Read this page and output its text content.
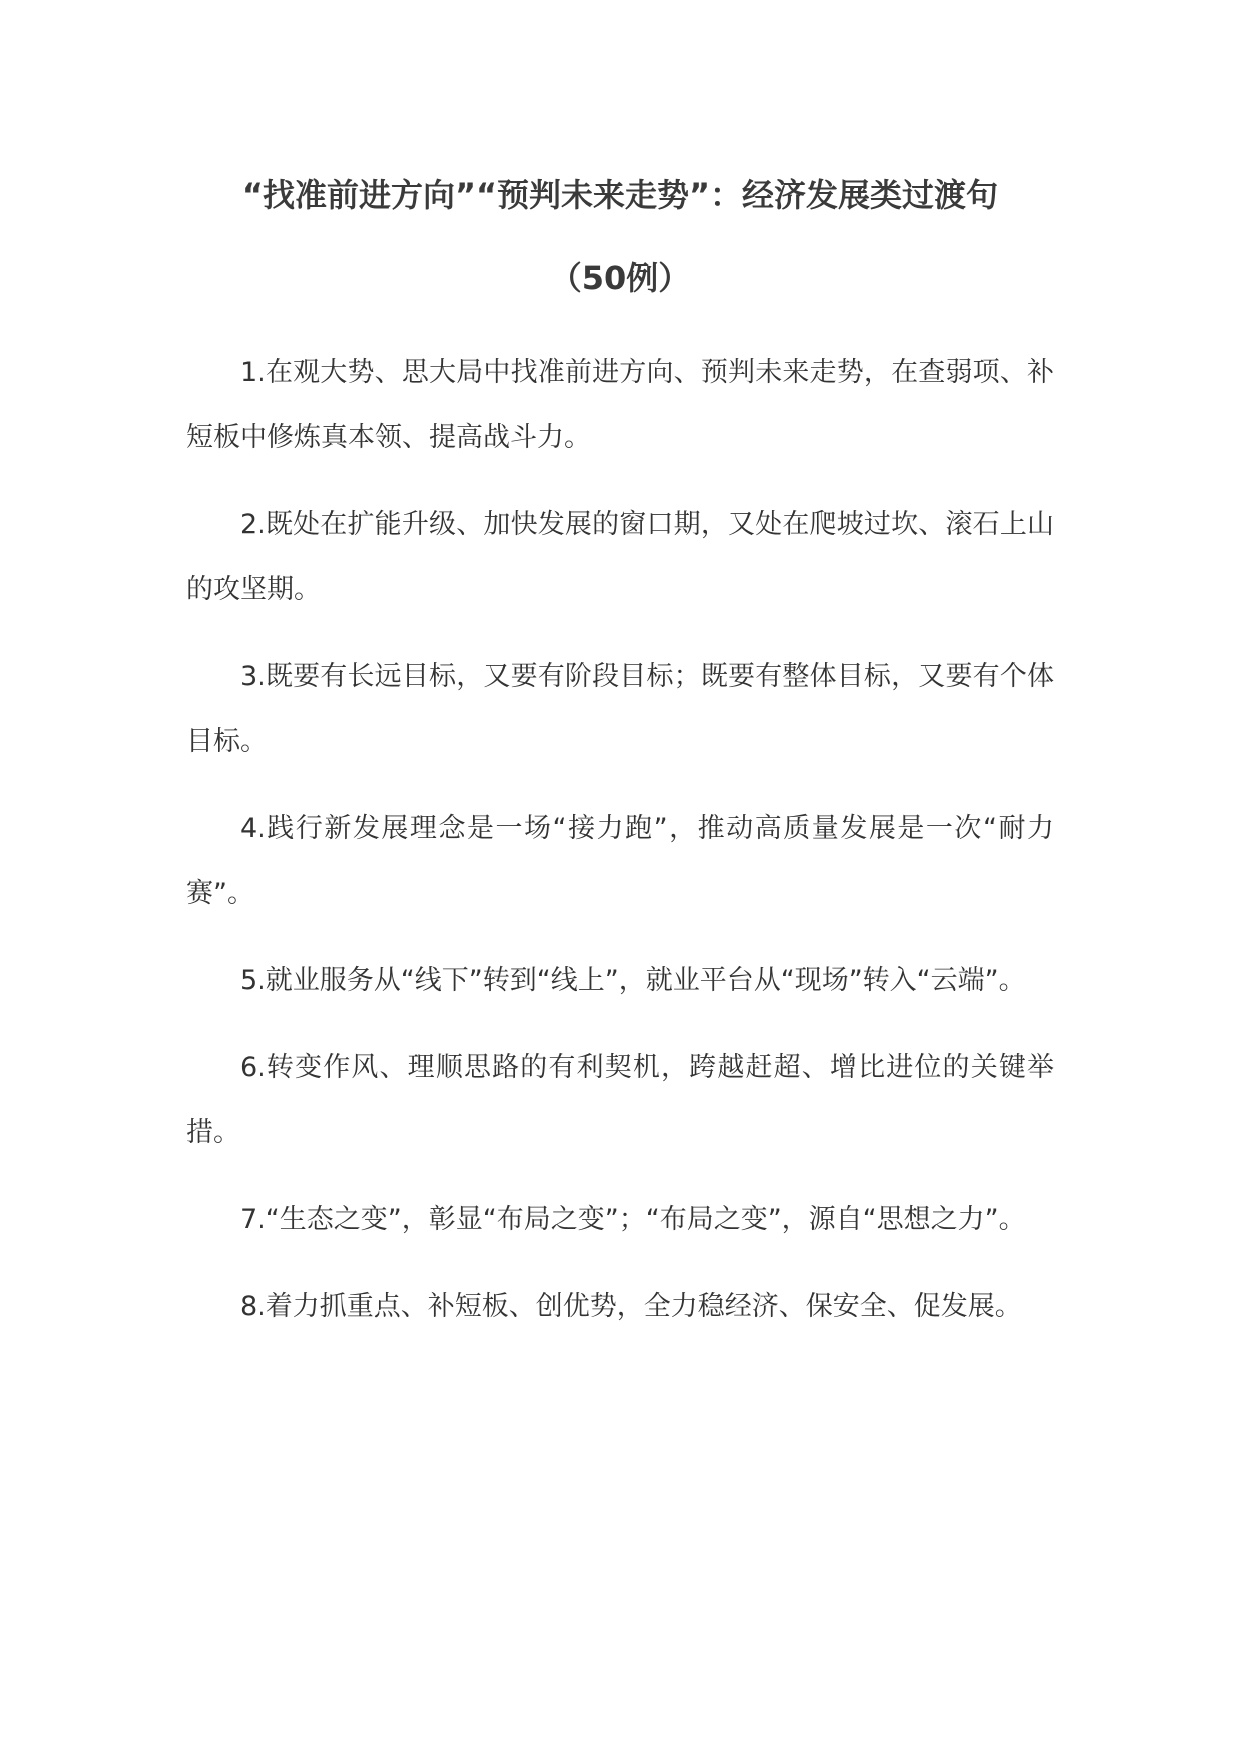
“找准前进方向”“预判未来走势”：经济发展类过渡句
（50例）

1.在观大势、思大局中找准前进方向、预判未来走势，在查弱项、补短板中修炼真本领、提高战斗力。

2.既处在扩能升级、加快发展的窗口期，又处在爬坡过坎、滚石上山的攻坚期。

3.既要有长远目标，又要有阶段目标；既要有整体目标，又要有个体目标。

4.践行新发展理念是一场“接力跑”，推动高质量发展是一次“耐力赛”。

5.就业服务从“线下”转到“线上”，就业平台从“现场”转入“云端”。

6.转变作风、理顺思路的有利契机，跨越赶超、增比进位的关键举措。

7.“生态之变”，彰显“布局之变”；“布局之变”，源自“思想之力”。

8.着力抓重点、补短板、创优势，全力稳经济、保安全、促发展。
